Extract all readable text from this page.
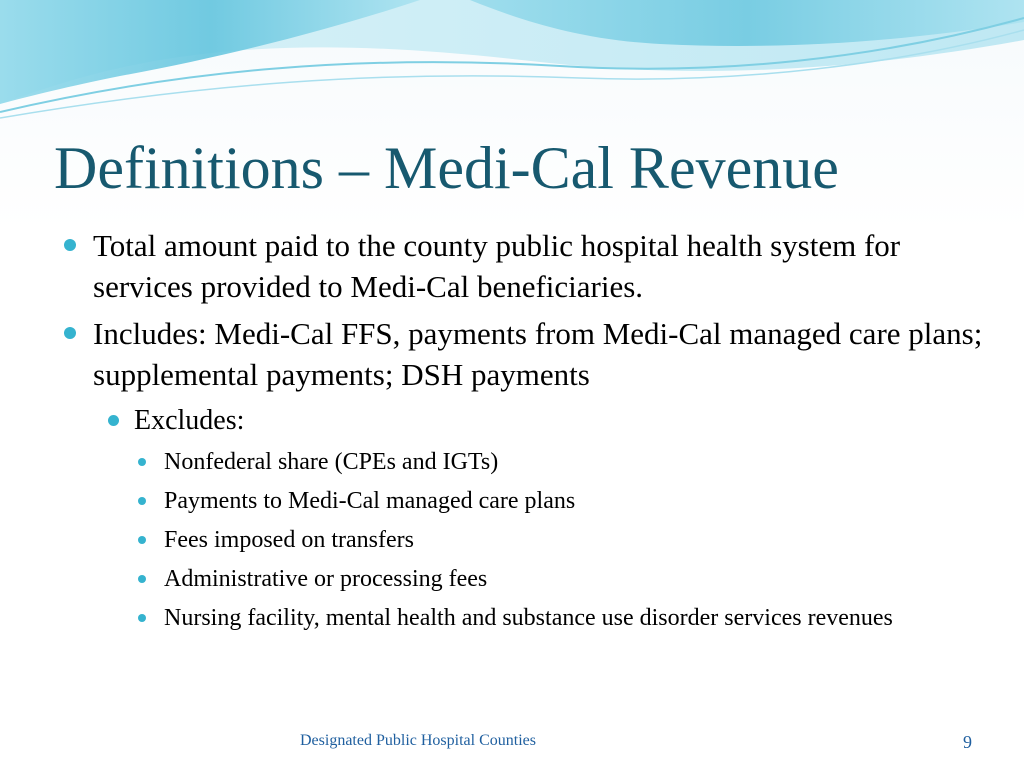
Definitions – Medi-Cal Revenue
Total amount paid to the county public hospital health system for services provided to Medi-Cal beneficiaries.
Includes: Medi-Cal FFS, payments from Medi-Cal managed care plans; supplemental payments; DSH payments
Excludes:
Nonfederal share (CPEs and IGTs)
Payments to Medi-Cal managed care plans
Fees imposed on transfers
Administrative or processing fees
Nursing facility, mental health and substance use disorder services revenues
Designated Public Hospital Counties	9
